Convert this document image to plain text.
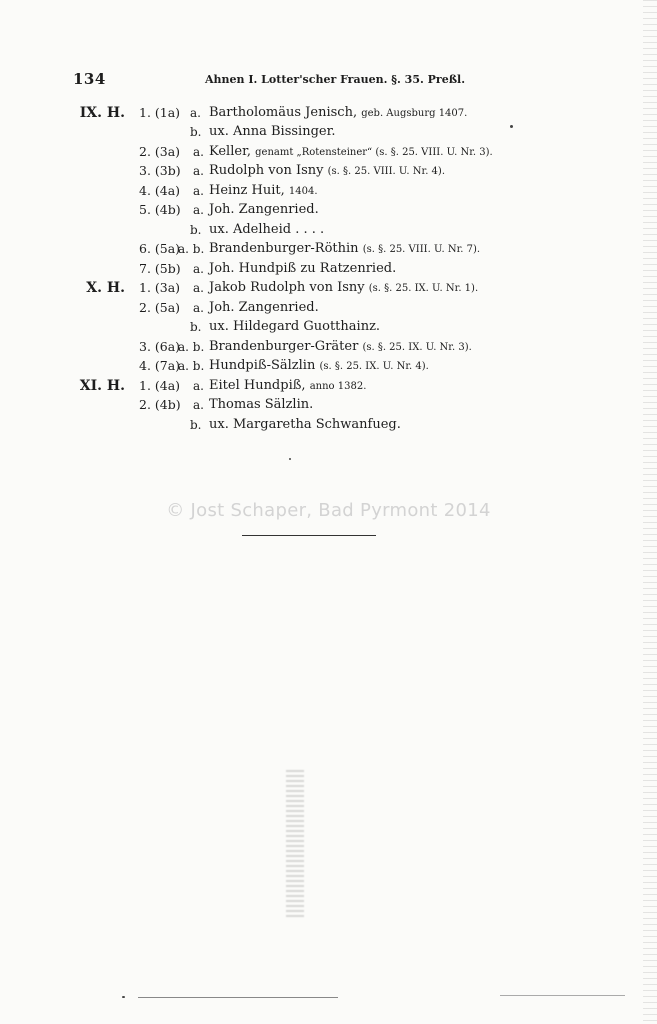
134	Ahnen I. Lotter'scher Frauen. §. 35. Preßl.
IX. H. 1. (1a) a. Bartholomäus Jenisch, geb. Augsburg 1407.
b. ux. Anna Bissinger.
2. (3a) a. Keller, genamt „Rotensteiner“ (s. §. 25. VIII. U. Nr. 3).
3. (3b) a. Rudolph von Isny (s. §. 25. VIII. U. Nr. 4).
4. (4a) a. Heinz Huit, 1404.
5. (4b) a. Joh. Zangenried.
b. ux. Adelheid . . . .
6. (5a)
a. b. Brandenburger-Röthin (s. §. 25. VIII. U. Nr. 7).
7. (5b) a. Joh. Hundpiß zu Ratzenried.
X. H. 1. (3a) a. Jakob Rudolph von Isny (s. §. 25. IX. U. Nr. 1).
2. (5a) a. Joh. Zangenried.
b. ux. Hildegard Guotthainz.
3. (6a)
a. b. Brandenburger-Gräter (s. §. 25. IX. U. Nr. 3).
4. (7a)
a. b. Hundpiß-Sälzlin (s. §. 25. IX. U. Nr. 4).
XI. H. 1. (4a) a. Eitel Hundpiß, anno 1382.
2. (4b) a. Thomas Sälzlin.
b. ux. Margaretha Schwanfueg.
© Jost Schaper, Bad Pyrmont 2014
